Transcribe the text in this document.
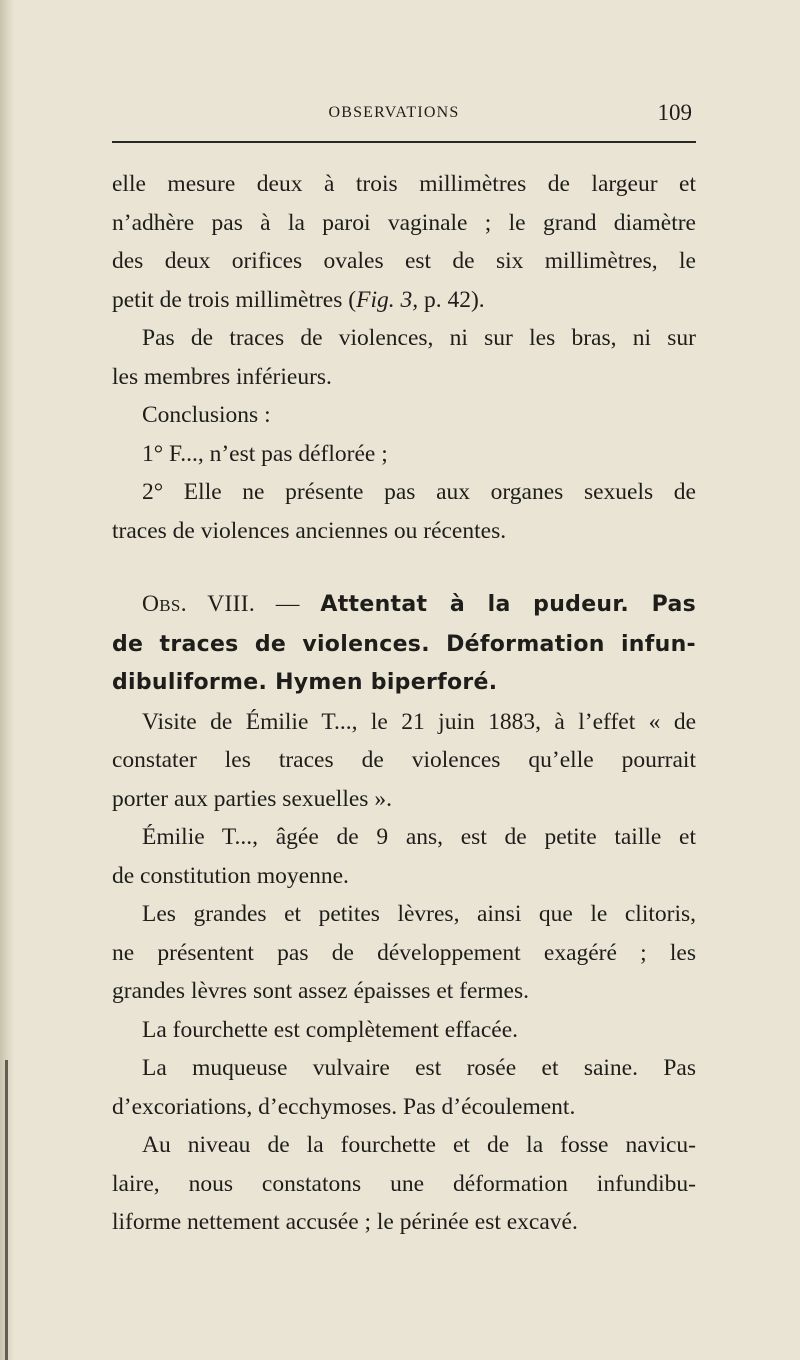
OBSERVATIONS	109
elle mesure deux à trois millimètres de largeur et
n’adhère pas à la paroi vaginale ; le grand diamètre
des deux orifices ovales est de six millimètres, le
petit de trois millimètres (Fig. 3, p. 42).
Pas de traces de violences, ni sur les bras, ni sur
les membres inférieurs.
Conclusions :
1° F..., n’est pas déflorée ;
2° Elle ne présente pas aux organes sexuels de
traces de violences anciennes ou récentes.
OBS. VIII. — Attentat à la pudeur. Pas
de traces de violences. Déformation infun-
dibuliforme. Hymen biperforé.
Visite de Émilie T..., le 21 juin 1883, à l’effet « de
constater les traces de violences qu’elle pourrait
porter aux parties sexuelles ».
Émilie T..., âgée de 9 ans, est de petite taille et
de constitution moyenne.
Les grandes et petites lèvres, ainsi que le clitoris,
ne présentent pas de développement exagéré ; les
grandes lèvres sont assez épaisses et fermes.
La fourchette est complètement effacée.
La muqueuse vulvaire est rosée et saine. Pas
d’excoriations, d’ecchymoses. Pas d’écoulement.
Au niveau de la fourchette et de la fosse navicu-
laire, nous constatons une déformation infundibu-
liforme nettement accusée ; le périnée est excavé.
